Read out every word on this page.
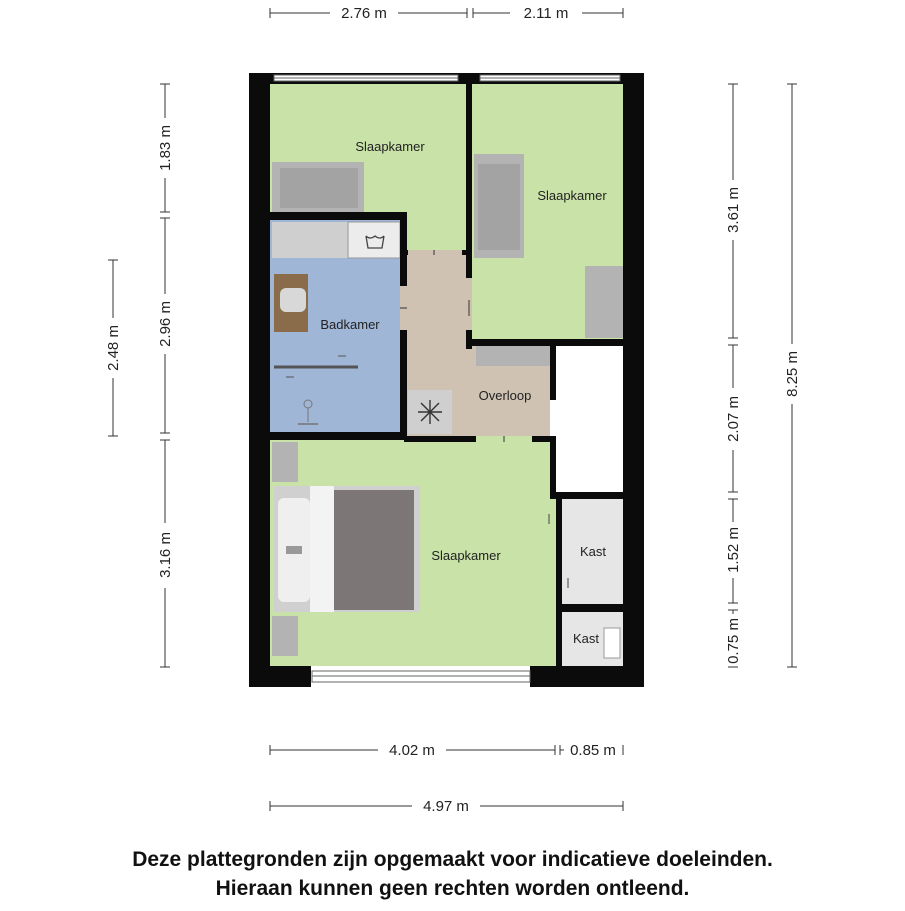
2.76 m	2.11 m
1.83 m
2.96 m
3.16 m
2.48 m
3.61 m
2.07 m
1.52 m
0.75 m
8.25 m
4.02 m	0.85 m
4.97 m
Slaapkamer
Slaapkamer
Badkamer
Overloop
Slaapkamer	Kast
Kast
Deze plattegronden zijn opgemaakt voor indicatieve doeleinden.
Hieraan kunnen geen rechten worden ontleend.
